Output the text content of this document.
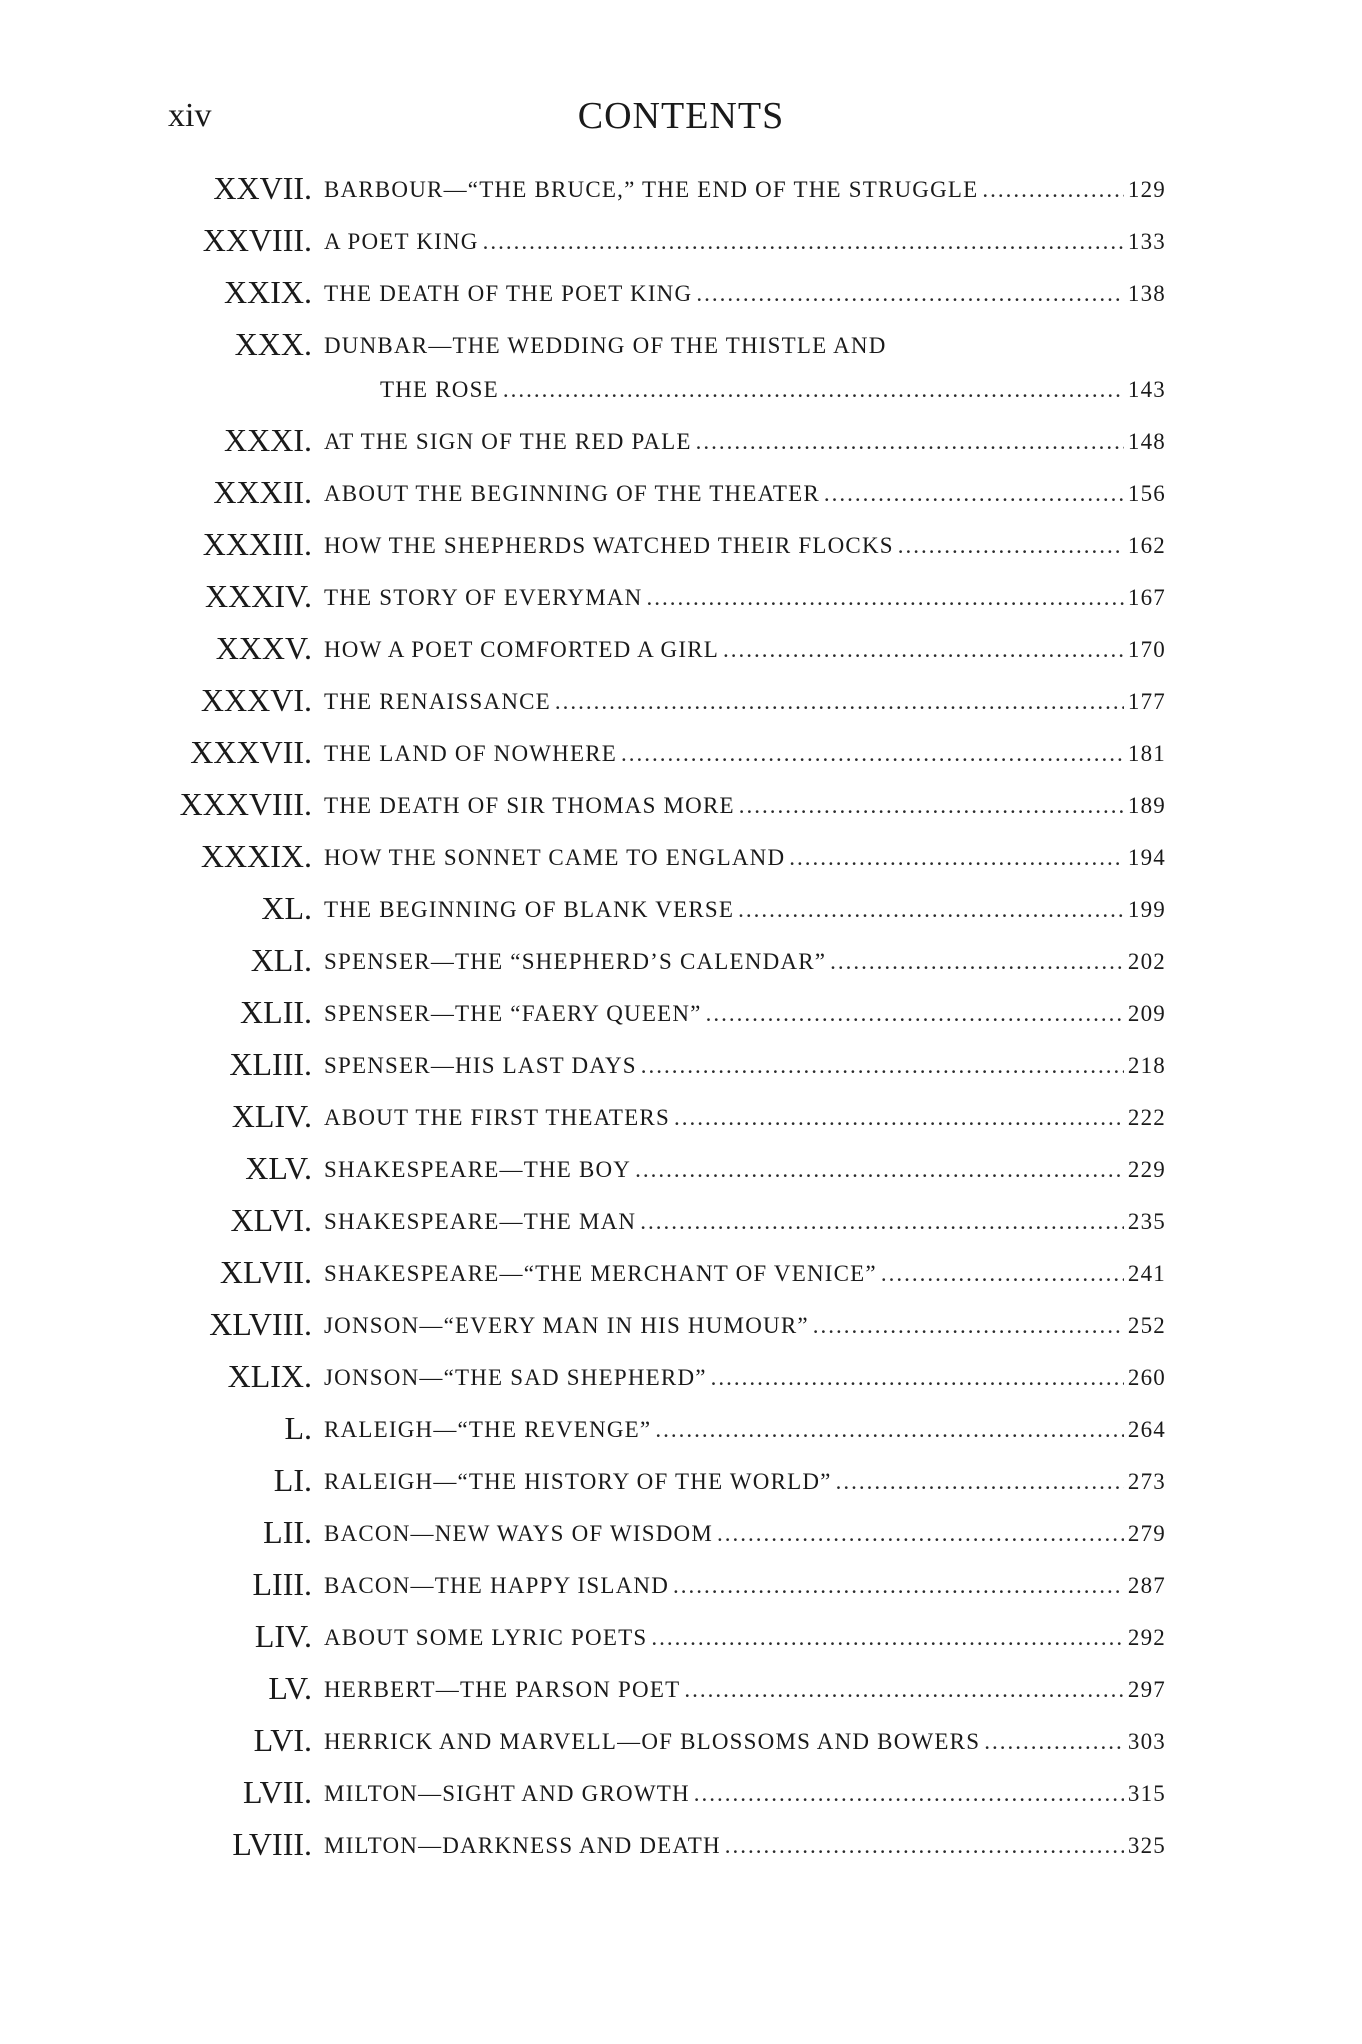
xiv	CONTENTS
XXVII. BARBOUR—“THE BRUCE,” THE END OF THE STRUGGLE .....	129
XXVIII. A POET KING .....	133
XXIX. THE DEATH OF THE POET KING .....	138
XXX. DUNBAR—THE WEDDING OF THE THISTLE AND
THE ROSE .....	143
XXXI. AT THE SIGN OF THE RED PALE .....	148
XXXII. ABOUT THE BEGINNING OF THE THEATER .....	156
XXXIII. HOW THE SHEPHERDS WATCHED THEIR FLOCKS .....	162
XXXIV. THE STORY OF EVERYMAN .....	167
XXXV. HOW A POET COMFORTED A GIRL .....	170
XXXVI. THE RENAISSANCE .....	177
XXXVII. THE LAND OF NOWHERE .....	181
XXXVIII. THE DEATH OF SIR THOMAS MORE .....	189
XXXIX. HOW THE SONNET CAME TO ENGLAND .....	194
XL. THE BEGINNING OF BLANK VERSE .....	199
XLI. SPENSER—THE “SHEPHERD’S CALENDAR” .....	202
XLII. SPENSER—THE “FAERY QUEEN” .....	209
XLIII. SPENSER—HIS LAST DAYS .....	218
XLIV. ABOUT THE FIRST THEATERS .....	222
XLV. SHAKESPEARE—THE BOY .....	229
XLVI. SHAKESPEARE—THE MAN .....	235
XLVII. SHAKESPEARE—“THE MERCHANT OF VENICE” .....	241
XLVIII. JONSON—“EVERY MAN IN HIS HUMOUR” .....	252
XLIX. JONSON—“THE SAD SHEPHERD” .....	260
L. RALEIGH—“THE REVENGE” .....	264
LI. RALEIGH—“THE HISTORY OF THE WORLD” .....	273
LII. BACON—NEW WAYS OF WISDOM .....	279
LIII. BACON—THE HAPPY ISLAND .....	287
LIV. ABOUT SOME LYRIC POETS .....	292
LV. HERBERT—THE PARSON POET .....	297
LVI. HERRICK AND MARVELL—OF BLOSSOMS AND BOWERS .....	303
LVII. MILTON—SIGHT AND GROWTH .....	315
LVIII. MILTON—DARKNESS AND DEATH .....	325
